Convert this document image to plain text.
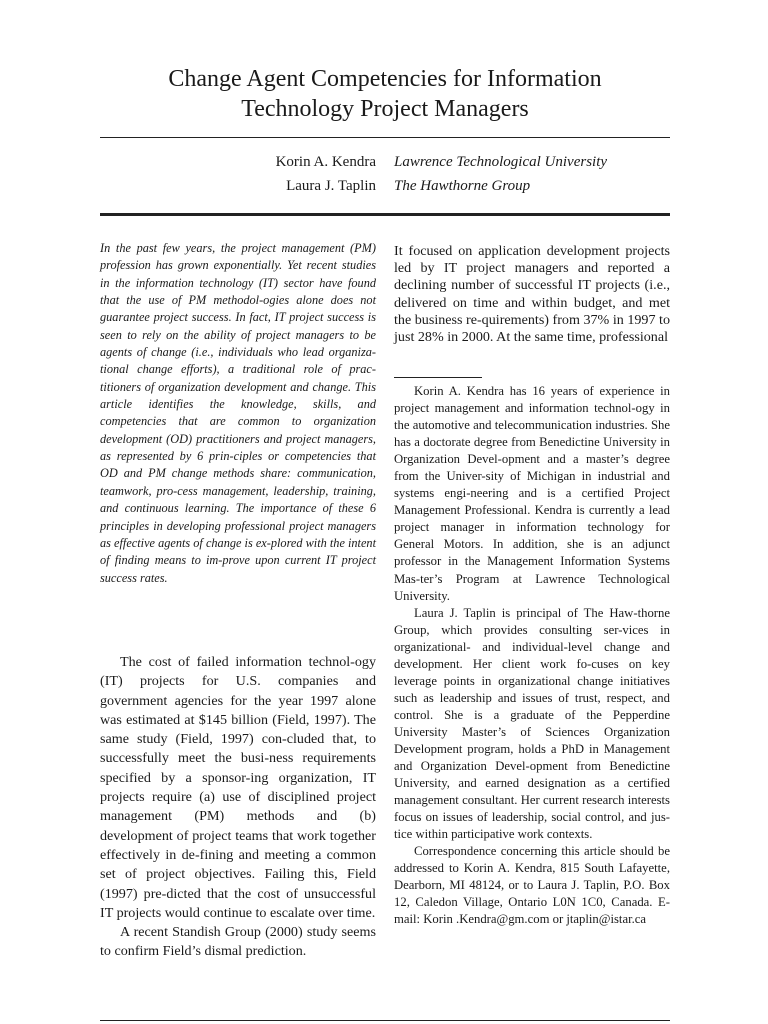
Change Agent Competencies for Information
Technology Project Managers
Korin A. Kendra Lawrence Technological University
Laura J. Taplin The Hawthorne Group

In the past few years, the project management (PM) profession has grown exponentially. Yet recent studies in the information technology (IT) sector have found that the use of PM methodol-ogies alone does not guarantee project success. In fact, IT project success is seen to rely on the ability of project managers to be agents of change (i.e., individuals who lead organiza-tional change efforts), a traditional role of prac-titioners of organization development and change. This article identifies the knowledge, skills, and competencies that are common to organization development (OD) practitioners and project managers, as represented by 6 prin-ciples or competencies that OD and PM change methods share: communication, teamwork, pro-cess management, leadership, training, and continuous learning. The importance of these 6 principles in developing professional project managers as effective agents of change is ex-plored with the intent of finding means to im-prove upon current IT project success rates.

The cost of failed information technol-ogy (IT) projects for U.S. companies and government agencies for the year 1997 alone was estimated at $145 billion (Field, 1997). The same study (Field, 1997) con-cluded that, to successfully meet the busi-ness requirements specified by a sponsor-ing organization, IT projects require (a) use of disciplined project management (PM) methods and (b) development of project teams that work together effectively in de-fining and meeting a common set of project objectives. Failing this, Field (1997) pre-dicted that the cost of unsuccessful IT projects would continue to escalate over time.

A recent Standish Group (2000) study seems to confirm Field’s dismal prediction.

It focused on application development projects led by IT project managers and reported a declining number of successful IT projects (i.e., delivered on time and within budget, and met the business re-quirements) from 37% in 1997 to just 28% in 2000. At the same time, professional

Korin A. Kendra has 16 years of experience in project management and information technol-ogy in the automotive and telecommunication industries. She has a doctorate degree from Benedictine University in Organization Devel-opment and a master’s degree from the Univer-sity of Michigan in industrial and systems engi-neering and is a certified Project Management Professional. Kendra is currently a lead project manager in information technology for General Motors. In addition, she is an adjunct professor in the Management Information Systems Mas-ter’s Program at Lawrence Technological University.

Laura J. Taplin is principal of The Haw-thorne Group, which provides consulting ser-vices in organizational- and individual-level change and development. Her client work fo-cuses on key leverage points in organizational change initiatives such as leadership and issues of trust, respect, and control. She is a graduate of the Pepperdine University Master’s of Sciences Organization Development program, holds a PhD in Management and Organization Devel-opment from Benedictine University, and earned designation as a certified management consultant. Her current research interests focus on issues of leadership, social control, and jus-tice within participative work contexts.

Correspondence concerning this article should be addressed to Korin A. Kendra, 815 South Lafayette, Dearborn, MI 48124, or to Laura J. Taplin, P.O. Box 12, Caledon Village, Ontario L0N 1C0, Canada. E-mail: Korin .Kendra@gm.com or jtaplin@istar.ca
